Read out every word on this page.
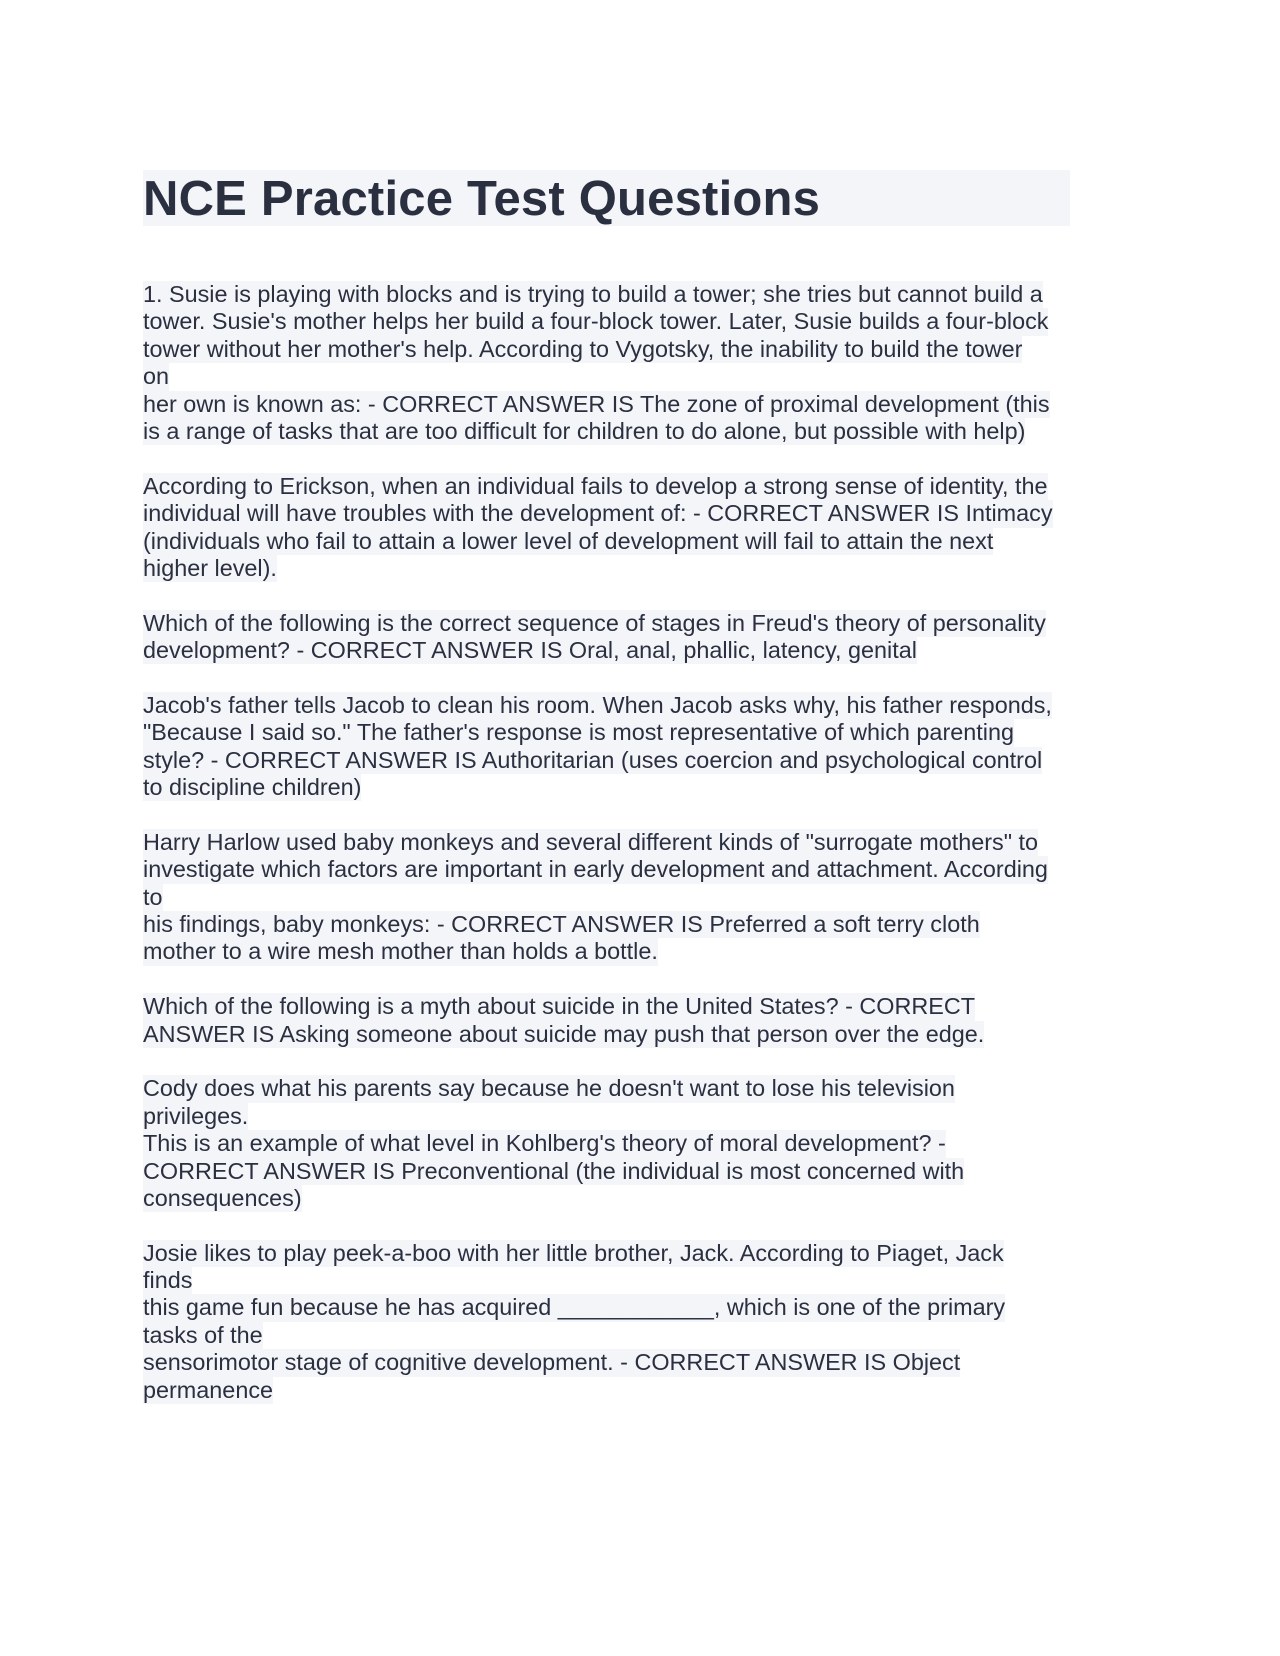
NCE Practice Test Questions
1. Susie is playing with blocks and is trying to build a tower; she tries but cannot build a
tower. Susie's mother helps her build a four-block tower. Later, Susie builds a four-block
tower without her mother's help. According to Vygotsky, the inability to build the tower
on
her own is known as: - CORRECT ANSWER IS The zone of proximal development (this
is a range of tasks that are too difficult for children to do alone, but possible with help)
According to Erickson, when an individual fails to develop a strong sense of identity, the
individual will have troubles with the development of: - CORRECT ANSWER IS Intimacy
(individuals who fail to attain a lower level of development will fail to attain the next
higher level).
Which of the following is the correct sequence of stages in Freud's theory of personality
development? - CORRECT ANSWER IS Oral, anal, phallic, latency, genital
Jacob's father tells Jacob to clean his room. When Jacob asks why, his father responds,
"Because I said so." The father's response is most representative of which parenting
style? - CORRECT ANSWER IS Authoritarian (uses coercion and psychological control
to discipline children)
Harry Harlow used baby monkeys and several different kinds of "surrogate mothers" to
investigate which factors are important in early development and attachment. According
to
his findings, baby monkeys: - CORRECT ANSWER IS Preferred a soft terry cloth
mother to a wire mesh mother than holds a bottle.
Which of the following is a myth about suicide in the United States? - CORRECT
ANSWER IS Asking someone about suicide may push that person over the edge.
Cody does what his parents say because he doesn't want to lose his television
privileges.
This is an example of what level in Kohlberg's theory of moral development? -
CORRECT ANSWER IS Preconventional (the individual is most concerned with
consequences)
Josie likes to play peek-a-boo with her little brother, Jack. According to Piaget, Jack
finds
this game fun because he has acquired ____________, which is one of the primary
tasks of the
sensorimotor stage of cognitive development. - CORRECT ANSWER IS Object
permanence
